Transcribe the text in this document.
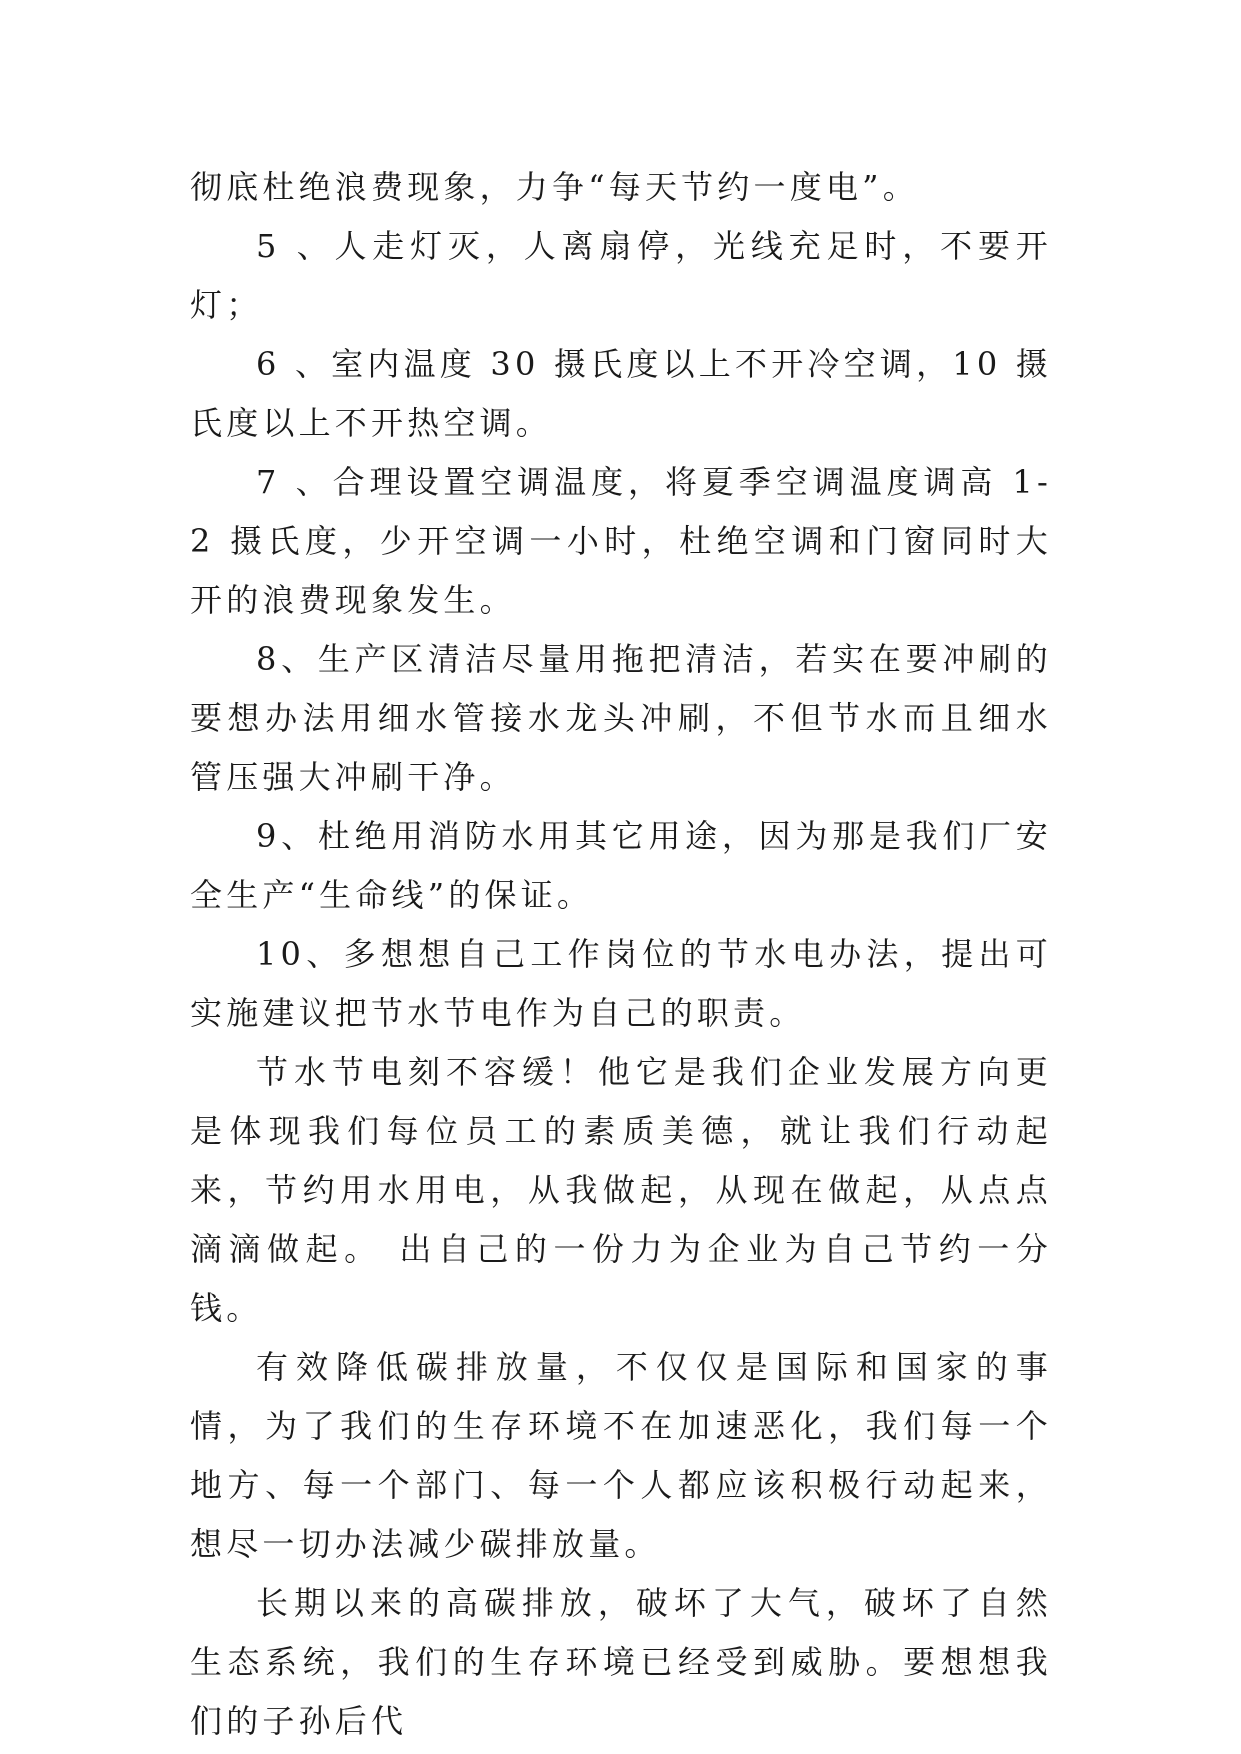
彻底杜绝浪费现象，力争“每天节约一度电”。

5 、人走灯灭，人离扇停，光线充足时，不要开灯；

6 、室内温度 30 摄氏度以上不开冷空调，10 摄氏度以上不开热空调。

7 、合理设置空调温度，将夏季空调温度调高 1-2 摄氏度，少开空调一小时，杜绝空调和门窗同时大开的浪费现象发生。

8、生产区清洁尽量用拖把清洁，若实在要冲刷的要想办法用细水管接水龙头冲刷，不但节水而且细水管压强大冲刷干净。

9、杜绝用消防水用其它用途，因为那是我们厂安全生产“生命线”的保证。

10、多想想自己工作岗位的节水电办法，提出可实施建议把节水节电作为自己的职责。

节水节电刻不容缓！他它是我们企业发展方向更是体现我们每位员工的素质美德，就让我们行动起来，节约用水用电，从我做起，从现在做起，从点点滴滴做起。 出自己的一份力为企业为自己节约一分钱。

有效降低碳排放量，不仅仅是国际和国家的事情，为了我们的生存环境不在加速恶化，我们每一个地方、每一个部门、每一个人都应该积极行动起来，想尽一切办法减少碳排放量。

长期以来的高碳排放，破坏了大气，破坏了自然生态系统，我们的生存环境已经受到威胁。要想想我们的子孙后代
